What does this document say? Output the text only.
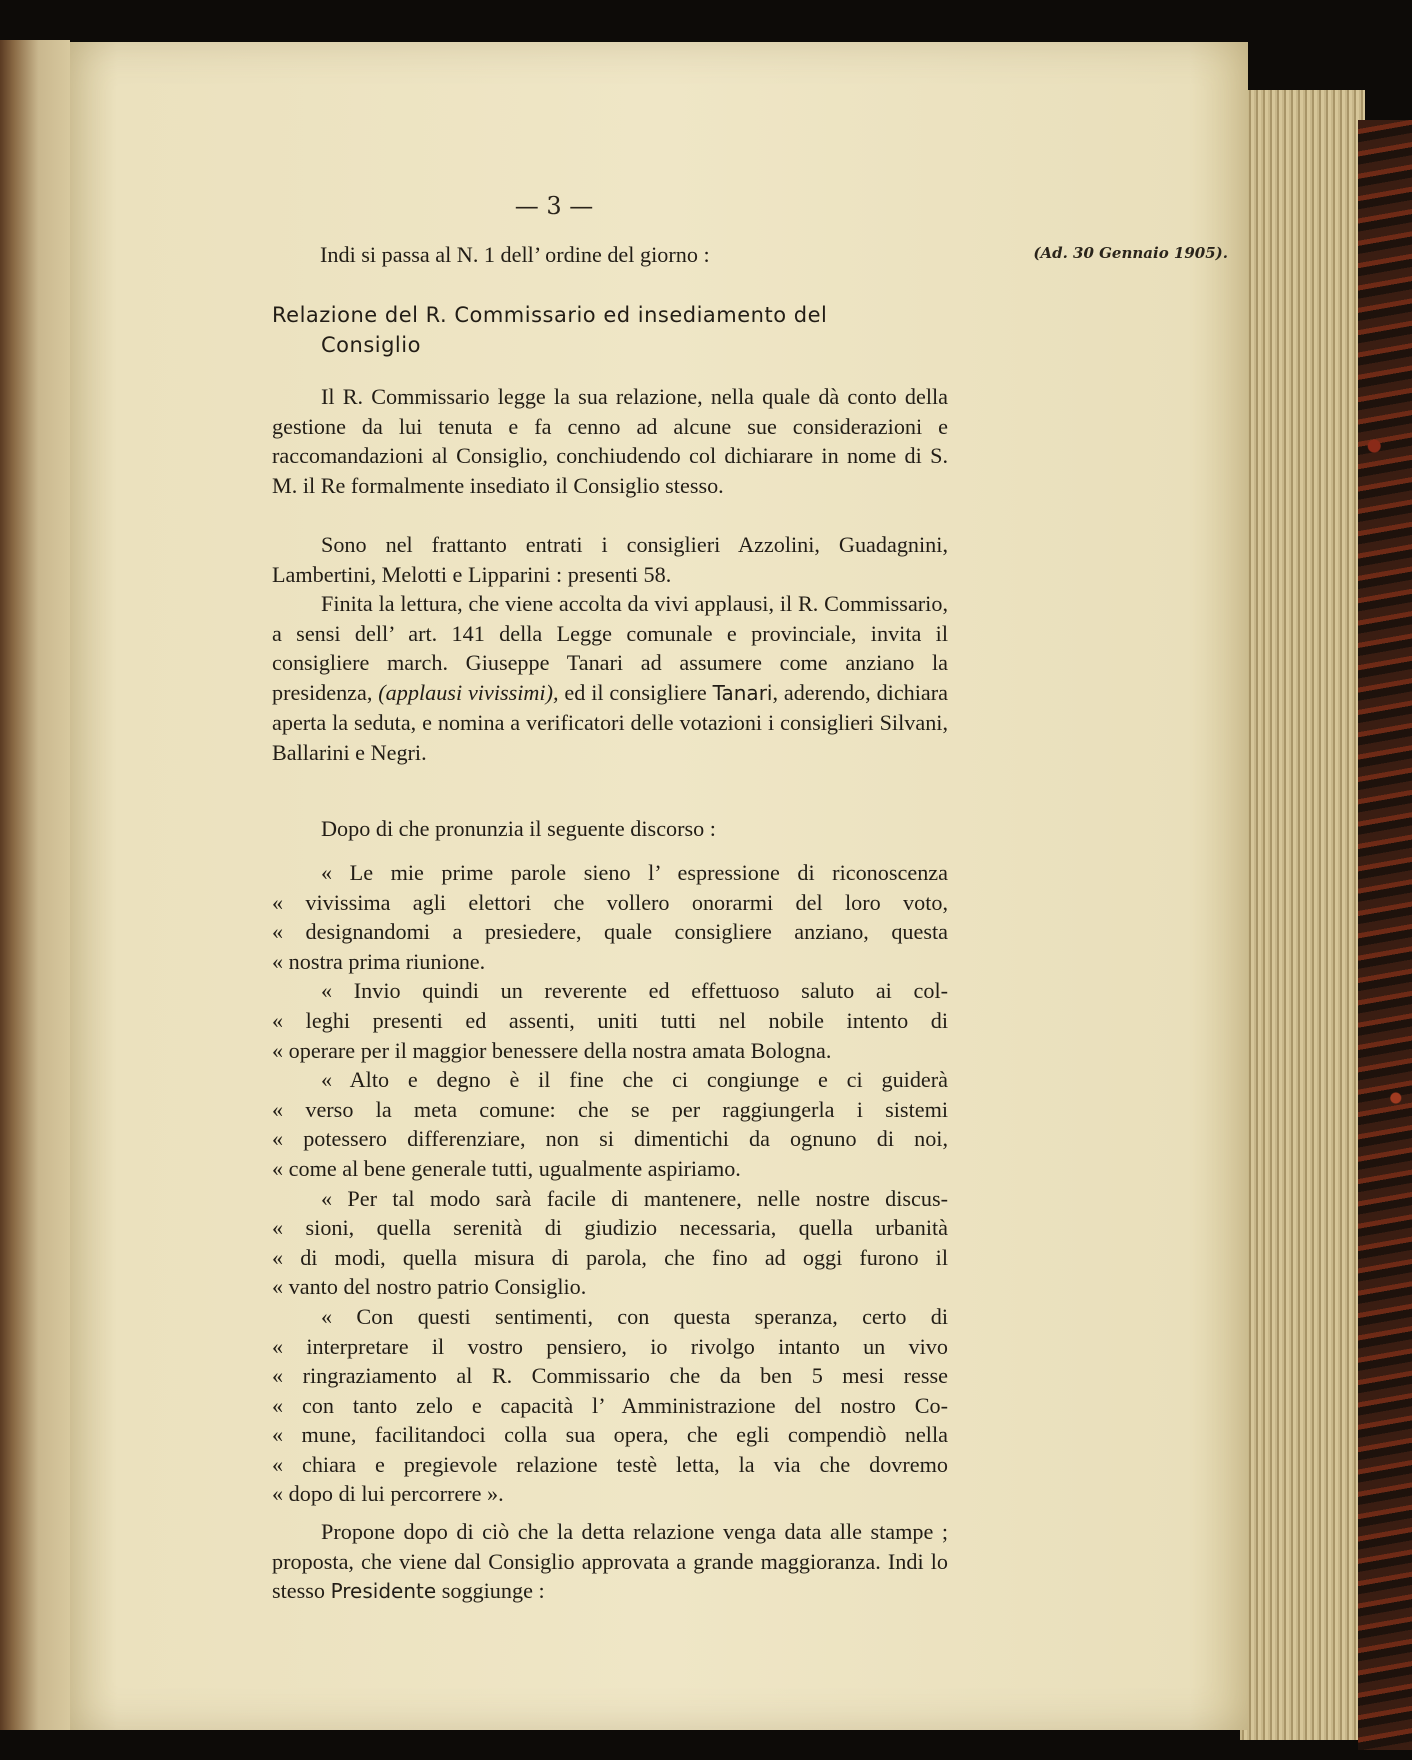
— 3 —
(Ad. 30 Gennaio 1905).
Indi si passa al N. 1 dell’ ordine del giorno :
Relazione del R. Commissario ed insediamento del
Consiglio
Il R. Commissario legge la sua relazione, nella quale dà conto della gestione da lui tenuta e fa cenno ad alcune sue considerazioni e raccomandazioni al Consiglio, conchiudendo col dichiarare in nome di S. M. il Re formalmente insediato il Consiglio stesso.
Sono nel frattanto entrati i consiglieri Azzolini, Guadagnini, Lambertini, Melotti e Lipparini : presenti 58.
Finita la lettura, che viene accolta da vivi applausi, il R. Commissario, a sensi dell’ art. 141 della Legge comunale e provinciale, invita il consigliere march. Giuseppe Tanari ad assumere come anziano la presidenza, (applausi vivissimi), ed il consigliere Tanari, aderendo, dichiara aperta la seduta, e nomina a verificatori delle votazioni i consiglieri Silvani, Ballarini e Negri.
Dopo di che pronunzia il seguente discorso :

« Le mie prime parole sieno l’ espressione di riconoscenza

« vivissima agli elettori che vollero onorarmi del loro voto,

« designandomi a presiedere, quale consigliere anziano, questa

« nostra prima riunione.

« Invio quindi un reverente ed effettuoso saluto ai col-

« leghi presenti ed assenti, uniti tutti nel nobile intento di

« operare per il maggior benessere della nostra amata Bologna.

« Alto e degno è il fine che ci congiunge e ci guiderà

« verso la meta comune: che se per raggiungerla i sistemi

« potessero differenziare, non si dimentichi da ognuno di noi,

« come al bene generale tutti, ugualmente aspiriamo.

« Per tal modo sarà facile di mantenere, nelle nostre discus-

« sioni, quella serenità di giudizio necessaria, quella urbanità

« di modi, quella misura di parola, che fino ad oggi furono il

« vanto del nostro patrio Consiglio.

« Con questi sentimenti, con questa speranza, certo di

« interpretare il vostro pensiero, io rivolgo intanto un vivo

« ringraziamento al R. Commissario che da ben 5 mesi resse

« con tanto zelo e capacità l’ Amministrazione del nostro Co-

« mune, facilitandoci colla sua opera, che egli compendiò nella

« chiara e pregievole relazione testè letta, la via che dovremo

« dopo di lui percorrere ».

Propone dopo di ciò che la detta relazione venga data alle stampe ; proposta, che viene dal Consiglio approvata a grande maggioranza. Indi lo stesso Presidente soggiunge :
